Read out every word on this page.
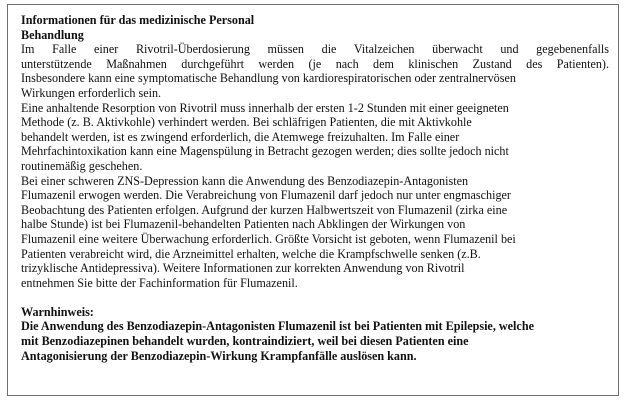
Informationen für das medizinische Personal
Behandlung
Im Falle einer Rivotril-Überdosierung müssen die Vitalzeichen überwacht und gegebenenfalls
unterstützende Maßnahmen durchgeführt werden (je nach dem klinischen Zustand des Patienten).
Insbesondere kann eine symptomatische Behandlung von kardiorespiratorischen oder zentralnervösen
Wirkungen erforderlich sein.
Eine anhaltende Resorption von Rivotril muss innerhalb der ersten 1-2 Stunden mit einer geeigneten
Methode (z. B. Aktivkohle) verhindert werden. Bei schläfrigen Patienten, die mit Aktivkohle
behandelt werden, ist es zwingend erforderlich, die Atemwege freizuhalten. Im Falle einer
Mehrfachintoxikation kann eine Magenspülung in Betracht gezogen werden; dies sollte jedoch nicht
routinemäßig geschehen.
Bei einer schweren ZNS-Depression kann die Anwendung des Benzodiazepin-Antagonisten
Flumazenil erwogen werden. Die Verabreichung von Flumazenil darf jedoch nur unter engmaschiger
Beobachtung des Patienten erfolgen. Aufgrund der kurzen Halbwertszeit von Flumazenil (zirka eine
halbe Stunde) ist bei Flumazenil-behandelten Patienten nach Abklingen der Wirkungen von
Flumazenil eine weitere Überwachung erforderlich. Größte Vorsicht ist geboten, wenn Flumazenil bei
Patienten verabreicht wird, die Arzneimittel erhalten, welche die Krampfschwelle senken (z.B.
trizyklische Antidepressiva). Weitere Informationen zur korrekten Anwendung von Rivotril
entnehmen Sie bitte der Fachinformation für Flumazenil.
Warnhinweis:
Die Anwendung des Benzodiazepin-Antagonisten Flumazenil ist bei Patienten mit Epilepsie, welche
mit Benzodiazepinen behandelt wurden, kontraindiziert, weil bei diesen Patienten eine
Antagonisierung der Benzodiazepin-Wirkung Krampfanfälle auslösen kann.
